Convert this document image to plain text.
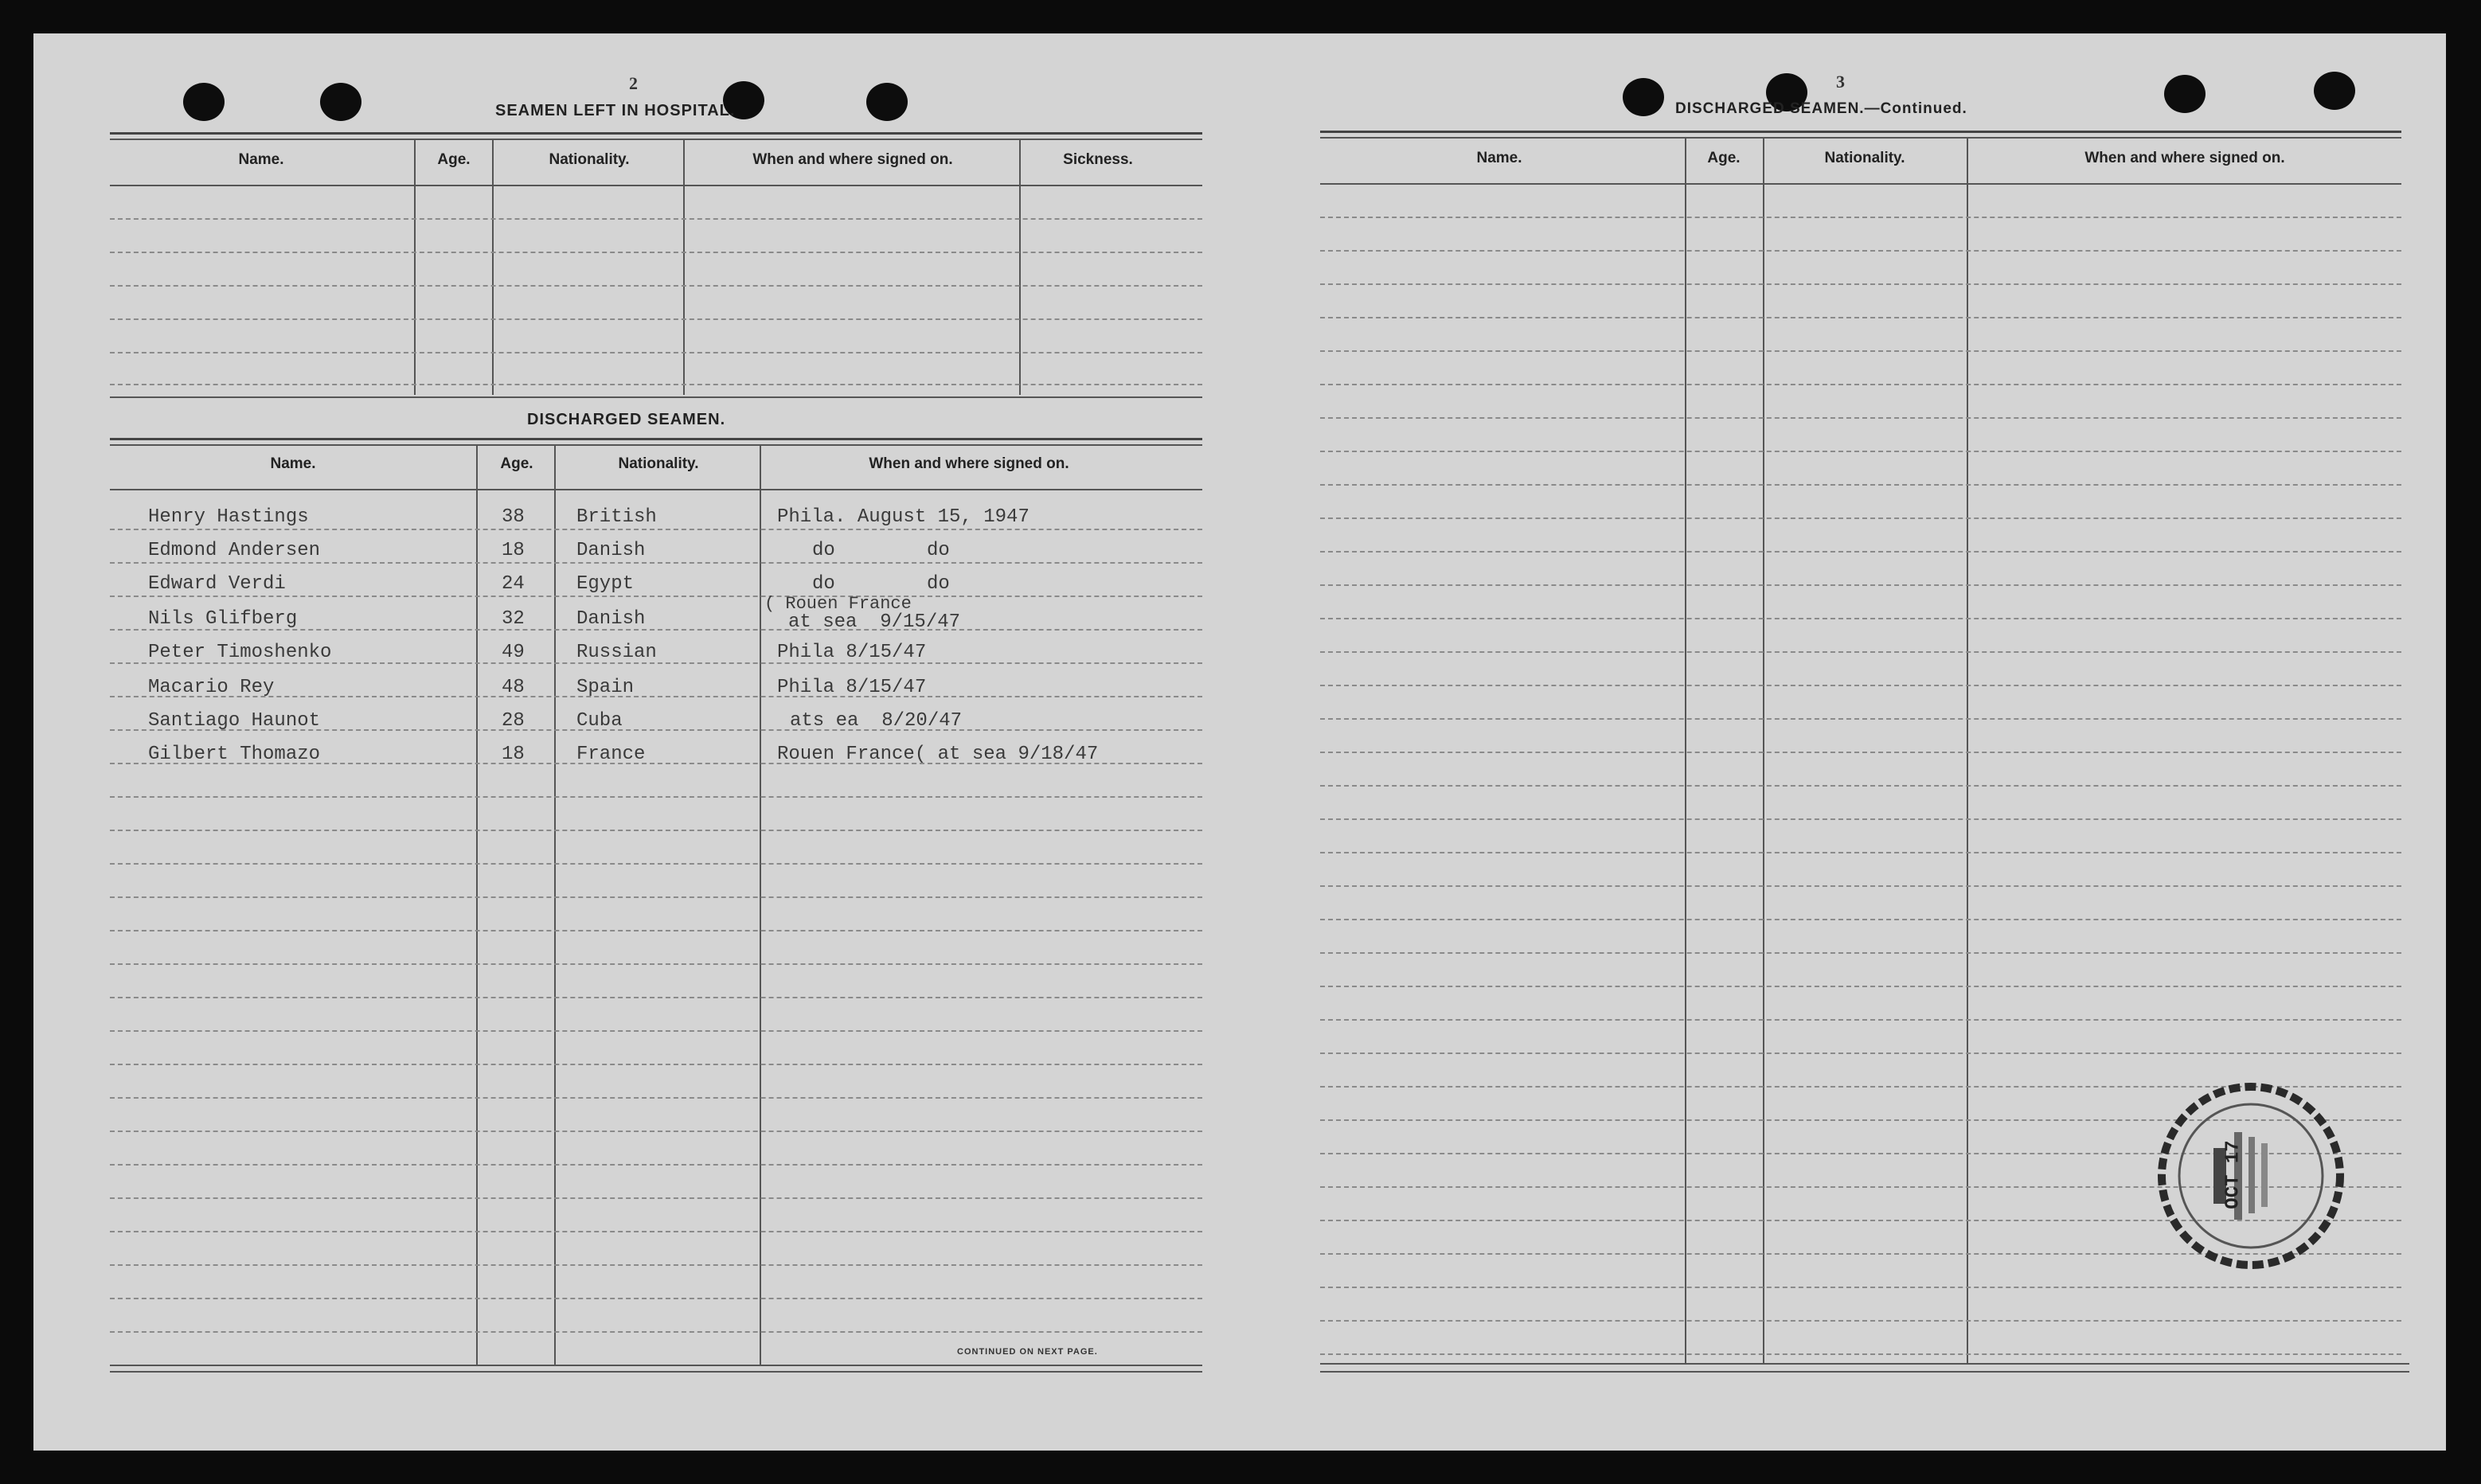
2
SEAMEN LEFT IN HOSPITAL.
Name.	Age.	Nationality.	When and where signed on.	Sickness.
DISCHARGED SEAMEN.
Name.	Age.	Nationality.	When and where signed on.
Henry Hastings	38	British	Phila. August 15, 1947
Edmond Andersen	18	Danish	do        do
Edward Verdi	24	Egypt	do        do
Nils Glifberg	32	Danish
( Rouen France
at sea  9/15/47
Peter Timoshenko	49	Russian	Phila 8/15/47
Macario Rey	48	Spain	Phila 8/15/47
Santiago Haunot	28	Cuba	ats ea  8/20/47
Gilbert Thomazo	18	France	Rouen France( at sea 9/18/47
CONTINUED ON NEXT PAGE.
3
DISCHARGED SEAMEN.—Continued.
Name.	Age.	Nationality.	When and where signed on.
OCT 17
